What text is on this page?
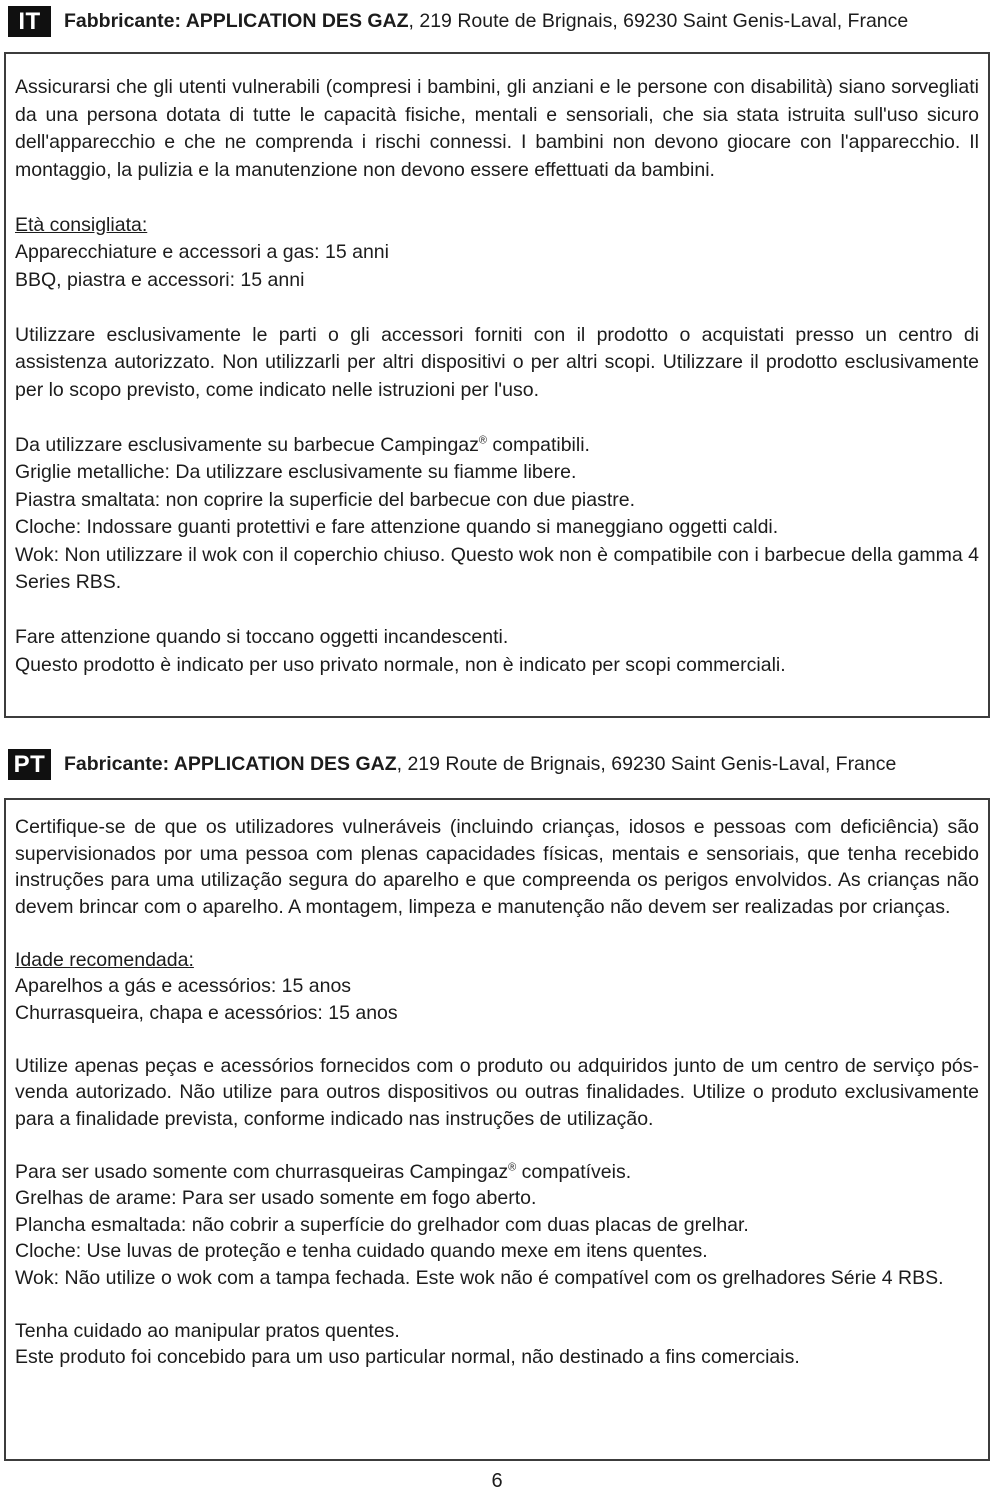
IT	Fabbricante: APPLICATION DES GAZ, 219 Route de Brignais, 69230 Saint Genis-Laval, France

Assicurarsi che gli utenti vulnerabili (compresi i bambini, gli anziani e le persone con disabilità) siano sorvegliati da una persona dotata di tutte le capacità fisiche, mentali e sensoriali, che sia stata istruita sull'uso sicuro dell'apparecchio e che ne comprenda i rischi connessi. I bambini non devono giocare con l'apparecchio. Il montaggio, la pulizia e la manutenzione non devono essere effettuati da bambini.

Età consigliata:

Apparecchiature e accessori a gas: 15 anni

BBQ, piastra e accessori: 15 anni

Utilizzare esclusivamente le parti o gli accessori forniti con il prodotto o acquistati presso un centro di assistenza autorizzato. Non utilizzarli per altri dispositivi o per altri scopi. Utilizzare il prodotto esclusivamente per lo scopo previsto, come indicato nelle istruzioni per l'uso.

Da utilizzare esclusivamente su barbecue Campingaz® compatibili.

Griglie metalliche: Da utilizzare esclusivamente su fiamme libere.

Piastra smaltata: non coprire la superficie del barbecue con due piastre.

Cloche: Indossare guanti protettivi e fare attenzione quando si maneggiano oggetti caldi.

Wok: Non utilizzare il wok con il coperchio chiuso. Questo wok non è compatibile con i barbecue della gamma 4 Series RBS.

Fare attenzione quando si toccano oggetti incandescenti.

Questo prodotto è indicato per uso privato normale, non è indicato per scopi commerciali.

PT Fabricante: APPLICATION DES GAZ, 219 Route de Brignais, 69230 Saint Genis-Laval, France

Certifique-se de que os utilizadores vulneráveis (incluindo crianças, idosos e pessoas com deficiência) são supervisionados por uma pessoa com plenas capacidades físicas, mentais e sensoriais, que tenha recebido instruções para uma utilização segura do aparelho e que compreenda os perigos envolvidos. As crianças não devem brincar com o aparelho. A montagem, limpeza e manutenção não devem ser realizadas por crianças.

Idade recomendada:

Aparelhos a gás e acessórios: 15 anos

Churrasqueira, chapa e acessórios: 15 anos

Utilize apenas peças e acessórios fornecidos com o produto ou adquiridos junto de um centro de serviço pós-venda autorizado. Não utilize para outros dispositivos ou outras finalidades. Utilize o produto exclusivamente para a finalidade prevista, conforme indicado nas instruções de utilização.

Para ser usado somente com churrasqueiras Campingaz® compatíveis.

Grelhas de arame: Para ser usado somente em fogo aberto.

Plancha esmaltada: não cobrir a superfície do grelhador com duas placas de grelhar.

Cloche: Use luvas de proteção e tenha cuidado quando mexe em itens quentes.

Wok: Não utilize o wok com a tampa fechada. Este wok não é compatível com os grelhadores Série 4 RBS.

Tenha cuidado ao manipular pratos quentes.

Este produto foi concebido para um uso particular normal, não destinado a fins comerciais.

6
